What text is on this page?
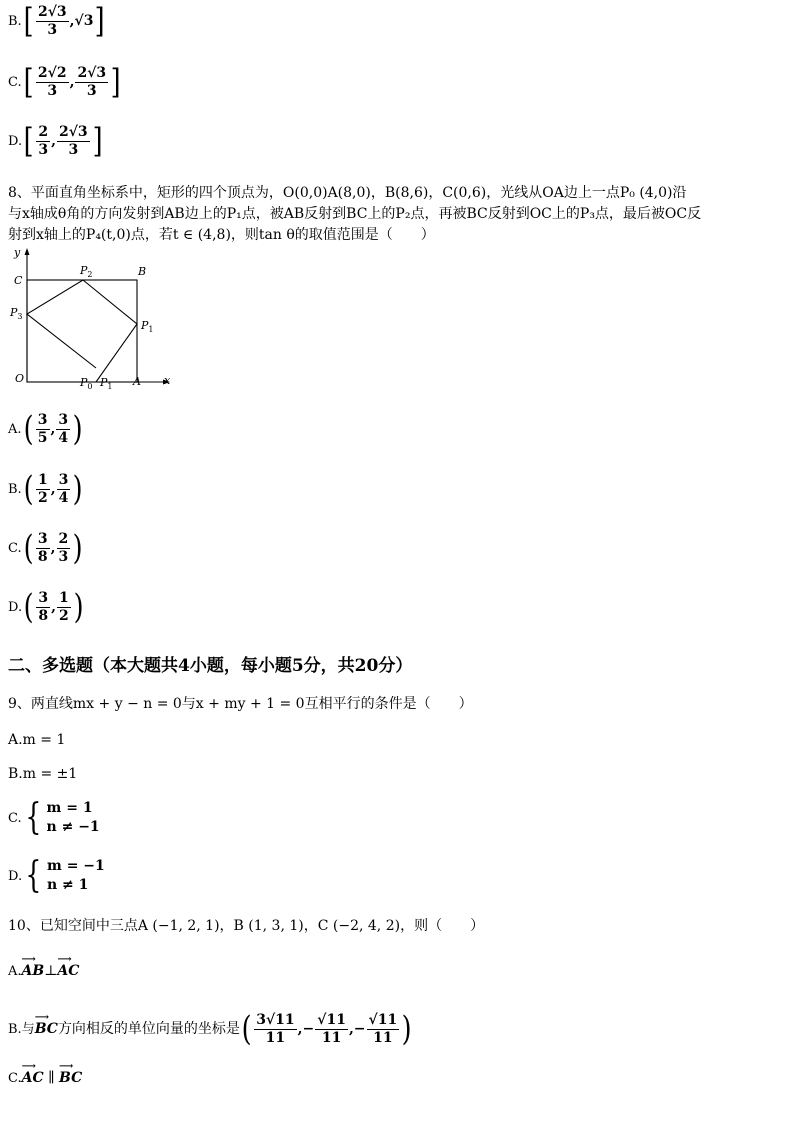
$B.[ \frac{2√3}{3} ,√3]$
$C.[ \frac{2√2}{3}$ , $\frac{2√3}{3}$ ]
$D.[ \frac{2}{3}$ , $\frac{2√3}{3}$ ]
8、平面直角坐标系中，矩形的四个顶点为，O(0,0)A(8,0)，B(8,6)，C(0,6)，光线从OA边上一点P₀ (4,0)沿
与x轴成θ角的方向发射到AB边上的P₁点，被AB反射到BC上的P₂点，再被BC反射到OC上的P₃点，最后被OC反
射到x轴上的P₄(t,0)点，若t ∈ (4,8)，则tan θ的取值范围是（　　）
y
x
O	A
B
C
$P_2$
$P_3$
$P_1$
$P_0$ $P_1$
$A.( \frac{3}{5}$ , $\frac{3}{4}$ )
$B.( \frac{1}{2}$ , $\frac{3}{4}$ )
$C.( \frac{3}{8}$ , $\frac{2}{3}$ )
$D.( \frac{3}{8}$ , $\frac{1}{2}$ )
二、多选题（本大题共4小题，每小题5分，共20分）
9、两直线mx + y − n = 0与x + my + 1 = 0互相平行的条件是（　　）
A.m = 1
B.m = ±1
C.{ m = 1
n ≠ −1
D.{ m = −1
n ≠ 1
10、已知空间中三点A (−1, 2, 1)，B (1, 3, 1)，C (−2, 4, 2)，则（　　）
A.⟶ AB⊥⟶ AC
B.与⟶ BC方向相反的单位向量的坐标是( $\frac{3√11}{11}$ ,− $\frac{√11}{11}$ ,− $\frac{√11}{11}$ )
C.⟶ AC ∥ ⟶ BC
